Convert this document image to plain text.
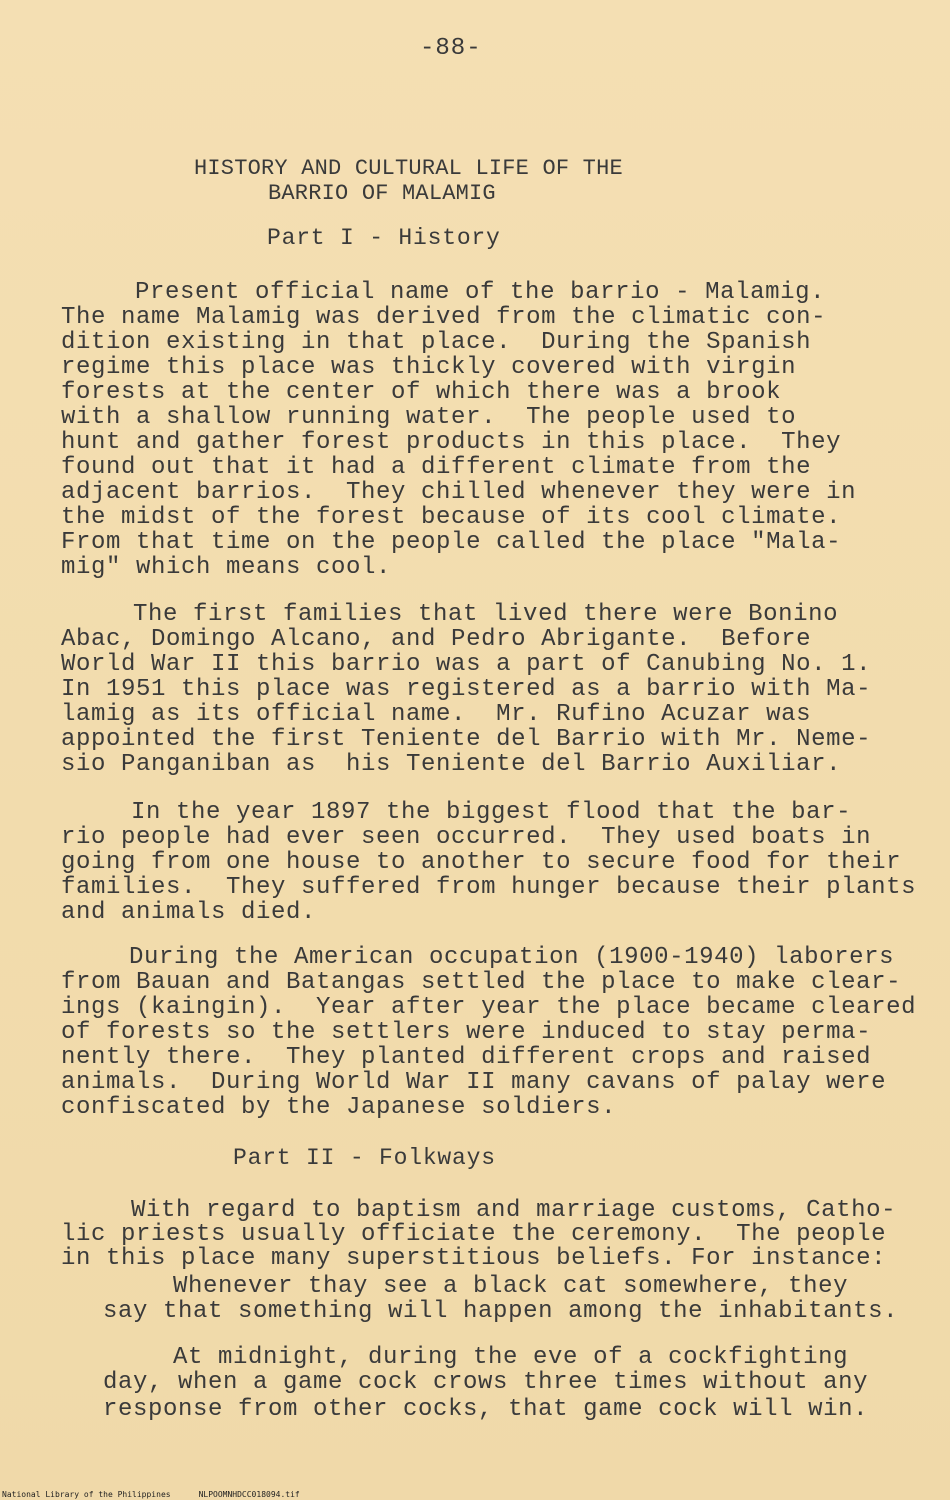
-88-
HISTORY AND CULTURAL LIFE OF THE
BARRIO OF MALAMIG
Part I - History
Present official name of the barrio - Malamig.
The name Malamig was derived from the climatic con-
dition existing in that place.  During the Spanish
regime this place was thickly covered with virgin
forests at the center of which there was a brook
with a shallow running water.  The people used to
hunt and gather forest products in this place.  They
found out that it had a different climate from the
adjacent barrios.  They chilled whenever they were in
the midst of the forest because of its cool climate.
From that time on the people called the place "Mala-
mig" which means cool.
The first families that lived there were Bonino
Abac, Domingo Alcano, and Pedro Abrigante.  Before
World War II this barrio was a part of Canubing No. 1.
In 1951 this place was registered as a barrio with Ma-
lamig as its official name.  Mr. Rufino Acuzar was
appointed the first Teniente del Barrio with Mr. Neme-
sio Panganiban as  his Teniente del Barrio Auxiliar.
In the year 1897 the biggest flood that the bar-
rio people had ever seen occurred.  They used boats in
going from one house to another to secure food for their
families.  They suffered from hunger because their plants
and animals died.
During the American occupation (1900-1940) laborers
from Bauan and Batangas settled the place to make clear-
ings (kaingin).  Year after year the place became cleared
of forests so the settlers were induced to stay perma-
nently there.  They planted different crops and raised
animals.  During World War II many cavans of palay were
confiscated by the Japanese soldiers.
Part II - Folkways
With regard to baptism and marriage customs, Catho-
lic priests usually officiate the ceremony.  The people
in this place many superstitious beliefs. For instance:
Whenever thay see a black cat somewhere, they
say that something will happen among the inhabitants.
At midnight, during the eve of a cockfighting
day, when a game cock crows three times without any
response from other cocks, that game cock will win.
National Library of the Philippines	NLPOOMNHDCC018094.tif
